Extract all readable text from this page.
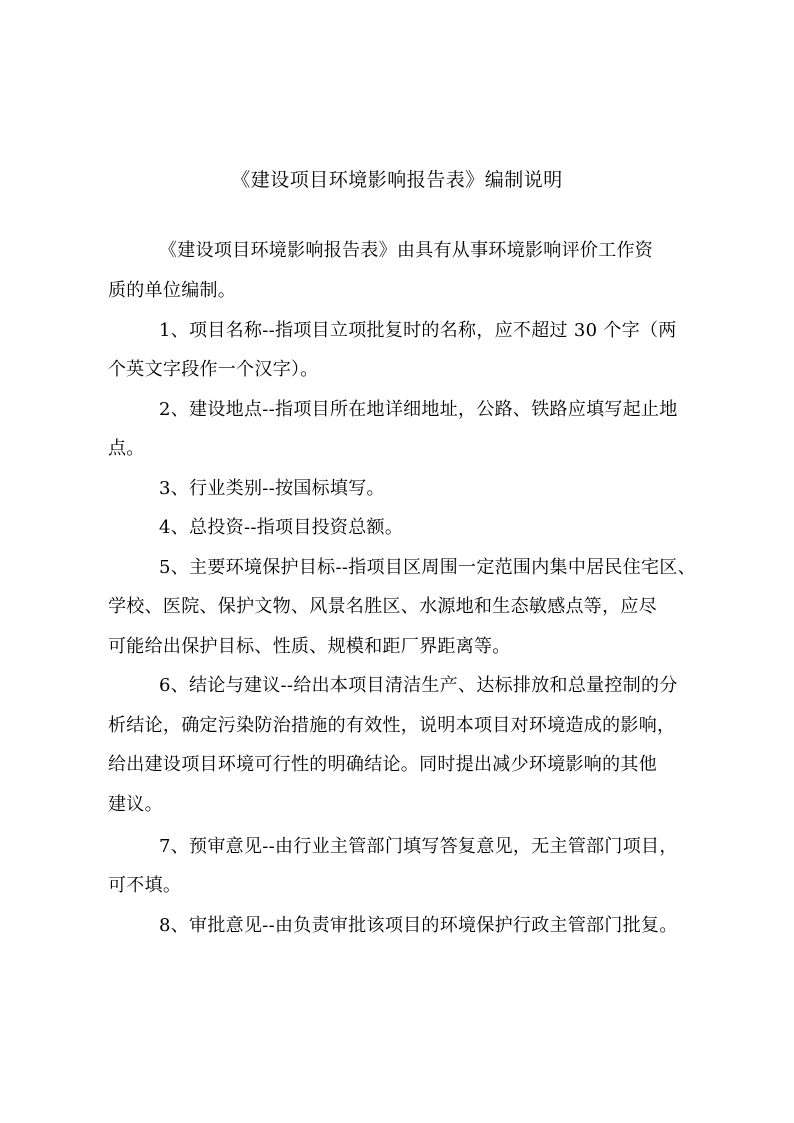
《建设项目环境影响报告表》编制说明
《建设项目环境影响报告表》由具有从事环境影响评价工作资
质的单位编制。
1、项目名称--指项目立项批复时的名称，应不超过 30 个字（两
个英文字段作一个汉字）。
2、建设地点--指项目所在地详细地址，公路、铁路应填写起止地
点。
3、行业类别--按国标填写。
4、总投资--指项目投资总额。
5、主要环境保护目标--指项目区周围一定范围内集中居民住宅区、
学校、医院、保护文物、风景名胜区、水源地和生态敏感点等，应尽
可能给出保护目标、性质、规模和距厂界距离等。
6、结论与建议--给出本项目清洁生产、达标排放和总量控制的分
析结论，确定污染防治措施的有效性，说明本项目对环境造成的影响，
给出建设项目环境可行性的明确结论。同时提出减少环境影响的其他
建议。
7、预审意见--由行业主管部门填写答复意见，无主管部门项目，
可不填。
8、审批意见--由负责审批该项目的环境保护行政主管部门批复。
